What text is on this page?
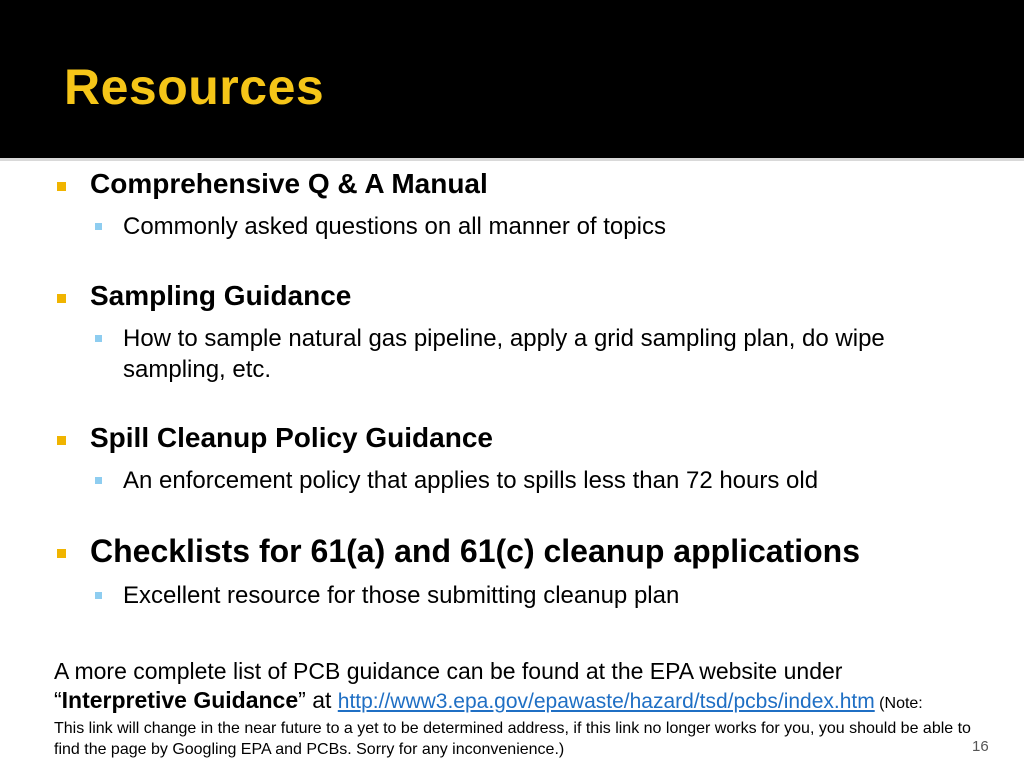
Resources
Comprehensive Q & A Manual
Commonly asked questions on all manner of topics
Sampling Guidance
How to sample natural gas pipeline, apply a grid sampling plan, do wipe sampling, etc.
Spill Cleanup Policy Guidance
An enforcement policy that applies to spills less than 72 hours old
Checklists for 61(a) and 61(c) cleanup applications
Excellent resource for those submitting cleanup plan
A more complete list of PCB guidance can be found at the EPA website under
“Interpretive Guidance” at http://www3.epa.gov/epawaste/hazard/tsd/pcbs/index.htm (Note:
This link will change in the near future to a yet to be determined address, if this link no longer works for you, you should be able to find the page by Googling EPA and PCBs. Sorry for any inconvenience.)	16
